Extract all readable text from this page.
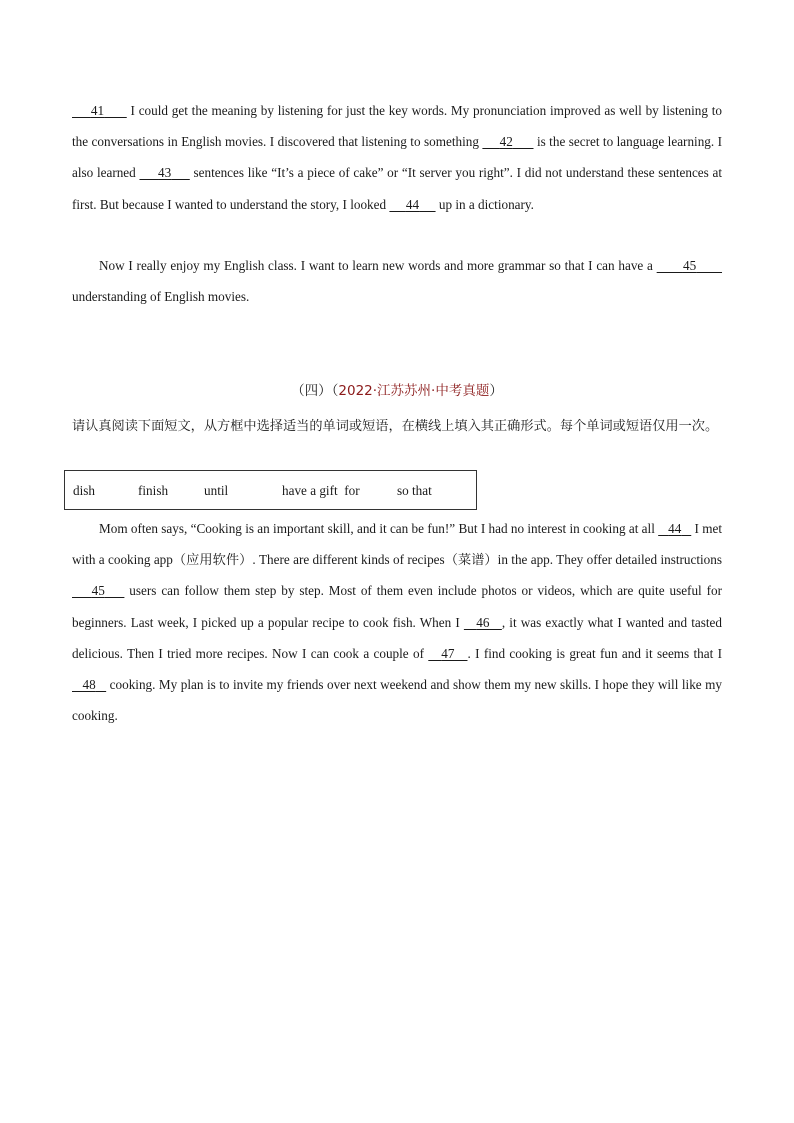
41       I could get the meaning by listening for just the key words. My pronunciation improved as well by listening to the conversations in English movies. I discovered that listening to something      42       is the secret to language learning. I also learned      43      sentences like “It’s a piece of cake” or “It server you right”. I did not understand these sentences at first. But because I wanted to understand the story, I looked      44      up in a dictionary.

Now I really enjoy my English class. I want to learn new words and more grammar so that I can have a        45        understanding of English movies.

（四）（2022·江苏苏州·中考真题）

请认真阅读下面短文，从方框中选择适当的单词或短语，在横线上填入其正确形式。每个单词或短语仅用一次。

dish	finish	until	have a gift  for	so that

Mom often says, “Cooking is an important skill, and it can be fun!” But I had no interest in cooking at all    44    I met with a cooking app（应用软件）. There are different kinds of recipes（菜谱）in the app. They offer detailed instructions     45     users can follow them step by step. Most of them even include photos or videos, which are quite useful for beginners. Last week, I picked up a popular recipe to cook fish. When I    46 , it was exactly what I wanted and tasted delicious. Then I tried more recipes. Now I can cook a couple of    47 . I find cooking is great fun and it seems that I    48    cooking. My plan is to invite my friends over next weekend and show them my new skills. I hope they will like my cooking.
